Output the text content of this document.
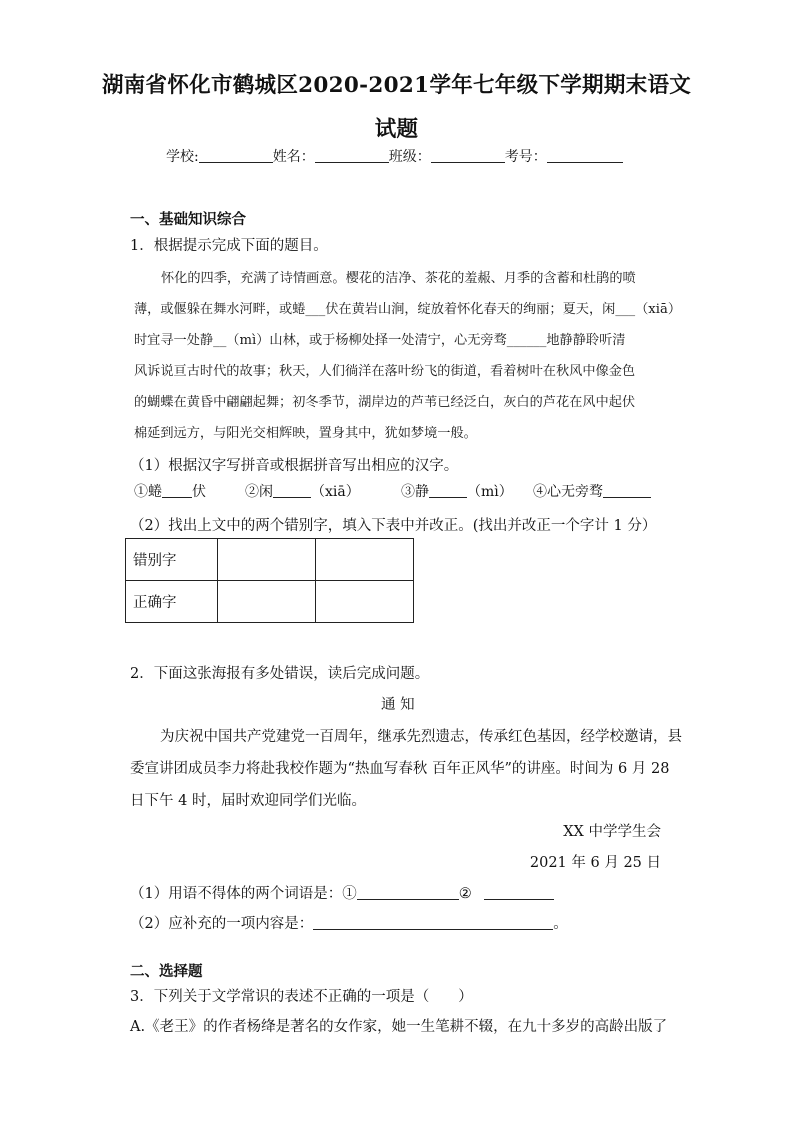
湖南省怀化市鹤城区2020-2021学年七年级下学期期末语文
试题
学校:	姓名：	班级：	考号：
一、基础知识综合
1．根据提示完成下面的题目。
怀化的四季，充满了诗情画意。樱花的洁净、茶花的羞赧、月季的含蓄和杜鹃的喷
薄，或偃躲在舞水河畔，或蜷___伏在黄岩山涧，绽放着怀化春天的绚丽；夏天，闲___（xiā）
时宜寻一处静__（mì）山林，或于杨柳处择一处清宁，心无旁骛______地静静聆听清
风诉说亘古时代的故事；秋天，人们徜洋在落叶纷飞的街道，看着树叶在秋风中像金色
的蝴蝶在黄昏中翩翩起舞；初冬季节，湖岸边的芦苇已经泛白，灰白的芦花在风中起伏
棉延到远方，与阳光交相辉映，置身其中，犹如梦境一般。
（1）根据汉字写拼音或根据拼音写出相应的汉字。
①蜷 伏	②闲	（xiā）	③静	（mì） ④心无旁骛
（2）找出上文中的两个错别字，填入下表中并改正。(找出并改正一个字计 1 分）
错别字		
正确字		
2．下面这张海报有多处错误，读后完成问题。
通 知
为庆祝中国共产党建党一百周年，继承先烈遗志，传承红色基因，经学校邀请，县
委宣讲团成员李力将赴我校作题为“热血写春秋 百年正风华”的讲座。时间为 6 月 28
日下午 4 时，届时欢迎同学们光临。
XX 中学学生会
2021 年 6 月 25 日
（1）用语不得体的两个词语是：①	②
（2）应补充的一项内容是：	。
二、选择题
3．下列关于文学常识的表述不正确的一项是（　　）
A.《老王》的作者杨绛是著名的女作家，她一生笔耕不辍，在九十多岁的高龄出版了
